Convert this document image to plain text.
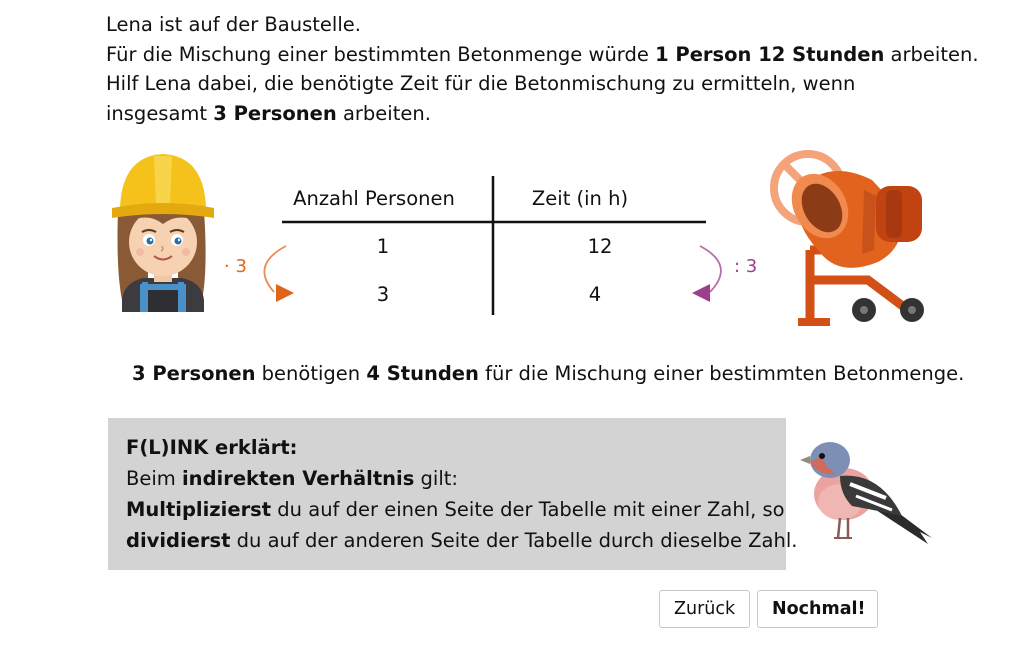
Lena ist auf der Baustelle.
Für die Mischung einer bestimmten Betonmenge würde 1 Person 12 Stunden arbeiten.
Hilf Lena dabei, die benötigte Zeit für die Betonmischung zu ermitteln, wenn
insgesamt 3 Personen arbeiten.
Anzahl Personen	Zeit (in h)
1	12
3	4
· 3	: 3
3 Personen benötigen 4 Stunden für die Mischung einer bestimmten Betonmenge.
F(L)INK erklärt:
Beim indirekten Verhältnis gilt:
Multiplizierst du auf der einen Seite der Tabelle mit einer Zahl, so
dividierst du auf der anderen Seite der Tabelle durch dieselbe Zahl.
Zurück	Nochmal!
